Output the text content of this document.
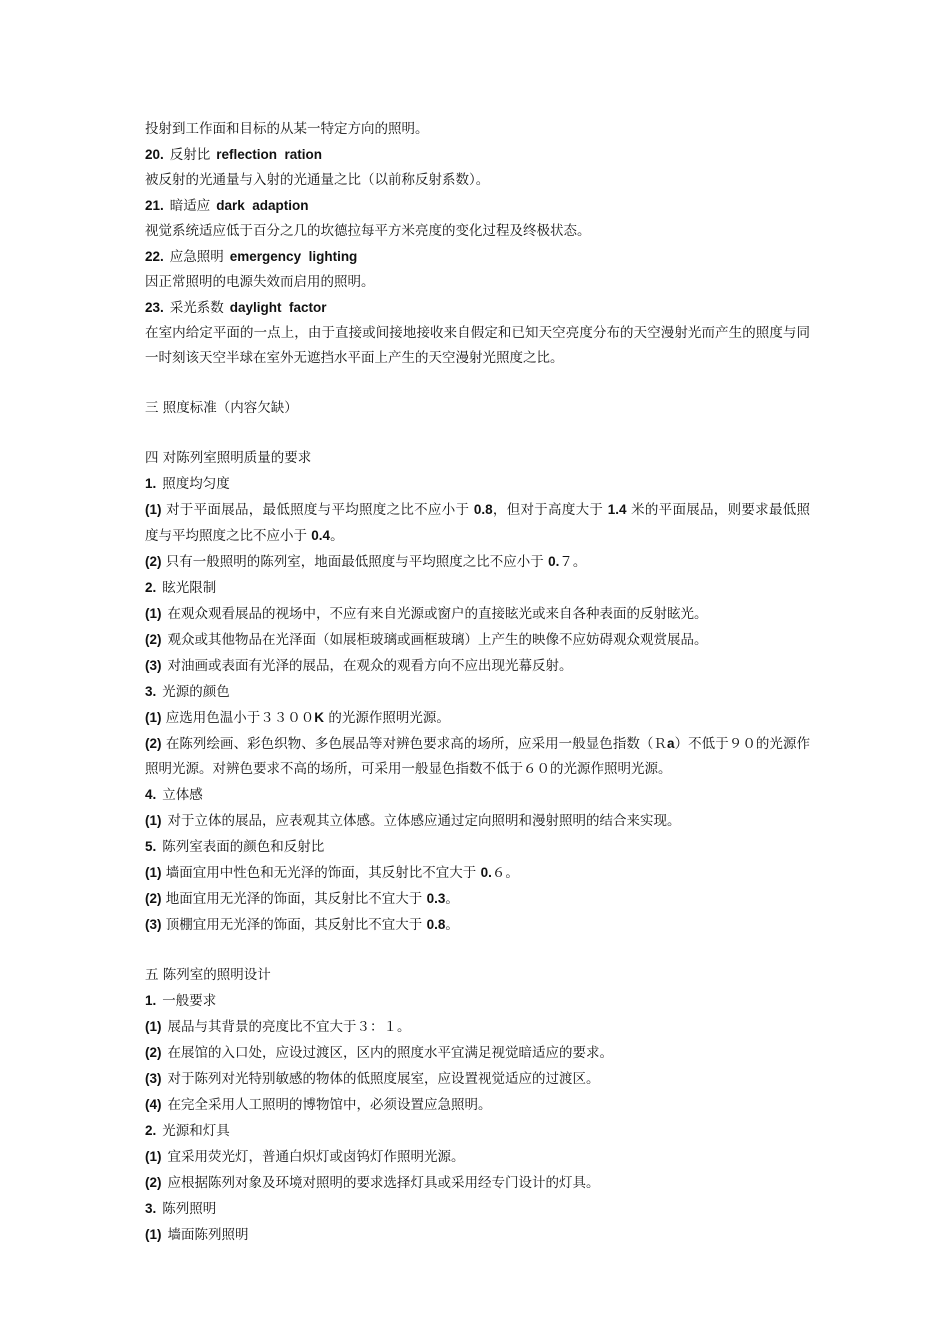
投射到工作面和目标的从某一特定方向的照明。
20. 反射比 reflection  ration
被反射的光通量与入射的光通量之比（以前称反射系数）。
21. 暗适应 dark  adaption
视觉系统适应低于百分之几的坎德拉每平方米亮度的变化过程及终极状态。
22. 应急照明 emergency  lighting
因正常照明的电源失效而启用的照明。
23. 采光系数 daylight  factor
在室内给定平面的一点上，由于直接或间接地接收来自假定和已知天空亮度分布的天空漫射光而产生的照度与同一时刻该天空半球在室外无遮挡水平面上产生的天空漫射光照度之比。
三 照度标准（内容欠缺）
四 对陈列室照明质量的要求
1. 照度均匀度
(1) 对于平面展品，最低照度与平均照度之比不应小于 0.8，但对于高度大于 1.4 米的平面展品，则要求最低照度与平均照度之比不应小于 0.4。
(2) 只有一般照明的陈列室，地面最低照度与平均照度之比不应小于 0.７。
2. 眩光限制
(1) 在观众观看展品的视场中，不应有来自光源或窗户的直接眩光或来自各种表面的反射眩光。
(2) 观众或其他物品在光泽面（如展柜玻璃或画框玻璃）上产生的映像不应妨碍观众观赏展品。
(3) 对油画或表面有光泽的展品，在观众的观看方向不应出现光幕反射。
3. 光源的颜色
(1) 应选用色温小于３３００K 的光源作照明光源。
(2) 在陈列绘画、彩色织物、多色展品等对辨色要求高的场所，应采用一般显色指数（Ｒa）不低于９０的光源作照明光源。对辨色要求不高的场所，可采用一般显色指数不低于６０的光源作照明光源。
4. 立体感
(1) 对于立体的展品，应表观其立体感。立体感应通过定向照明和漫射照明的结合来实现。
5. 陈列室表面的颜色和反射比
(1) 墙面宜用中性色和无光泽的饰面，其反射比不宜大于 0.６。
(2) 地面宜用无光泽的饰面，其反射比不宜大于 0.3。
(3) 顶棚宜用无光泽的饰面，其反射比不宜大于 0.8。
五 陈列室的照明设计
1. 一般要求
(1) 展品与其背景的亮度比不宜大于３：１。
(2) 在展馆的入口处，应设过渡区，区内的照度水平宜满足视觉暗适应的要求。
(3) 对于陈列对光特别敏感的物体的低照度展室，应设置视觉适应的过渡区。
(4) 在完全采用人工照明的博物馆中，必须设置应急照明。
2. 光源和灯具
(1) 宜采用荧光灯，普通白炽灯或卤钨灯作照明光源。
(2) 应根据陈列对象及环境对照明的要求选择灯具或采用经专门设计的灯具。
3. 陈列照明
(1) 墙面陈列照明
